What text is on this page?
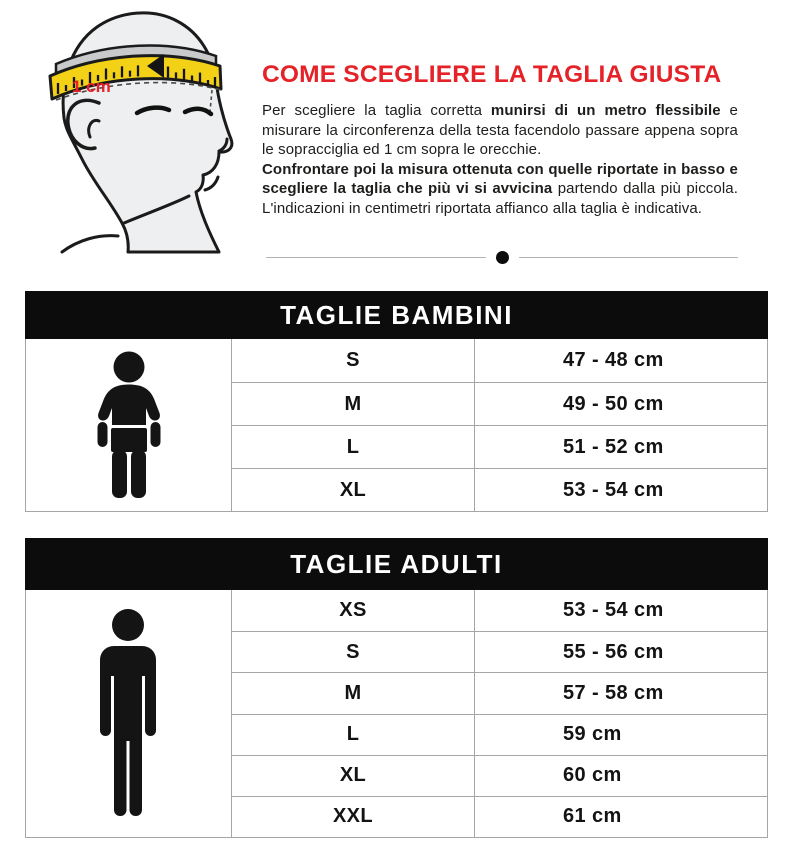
1 cm	COME SCEGLIERE LA TAGLIA GIUSTA

Per scegliere la taglia corretta munirsi di un metro flessibile e misurare la circonferenza della testa facendolo passare appena sopra le sopracciglia ed 1 cm sopra le orecchie.

Confrontare poi la misura ottenuta con quelle riportate in basso e scegliere la taglia che più vi si avvicina partendo dalla più piccola. L'indicazioni in centimetri riportata affianco alla taglia è indicativa.

TAGLIE BAMBINI
S	47 - 48 cm
M	49 - 50 cm
L	51 - 52 cm
XL	53 - 54 cm
TAGLIE ADULTI
XS	53 - 54 cm
S	55 - 56 cm
M	57 - 58 cm
L	59 cm
XL	60 cm
XXL	61 cm
